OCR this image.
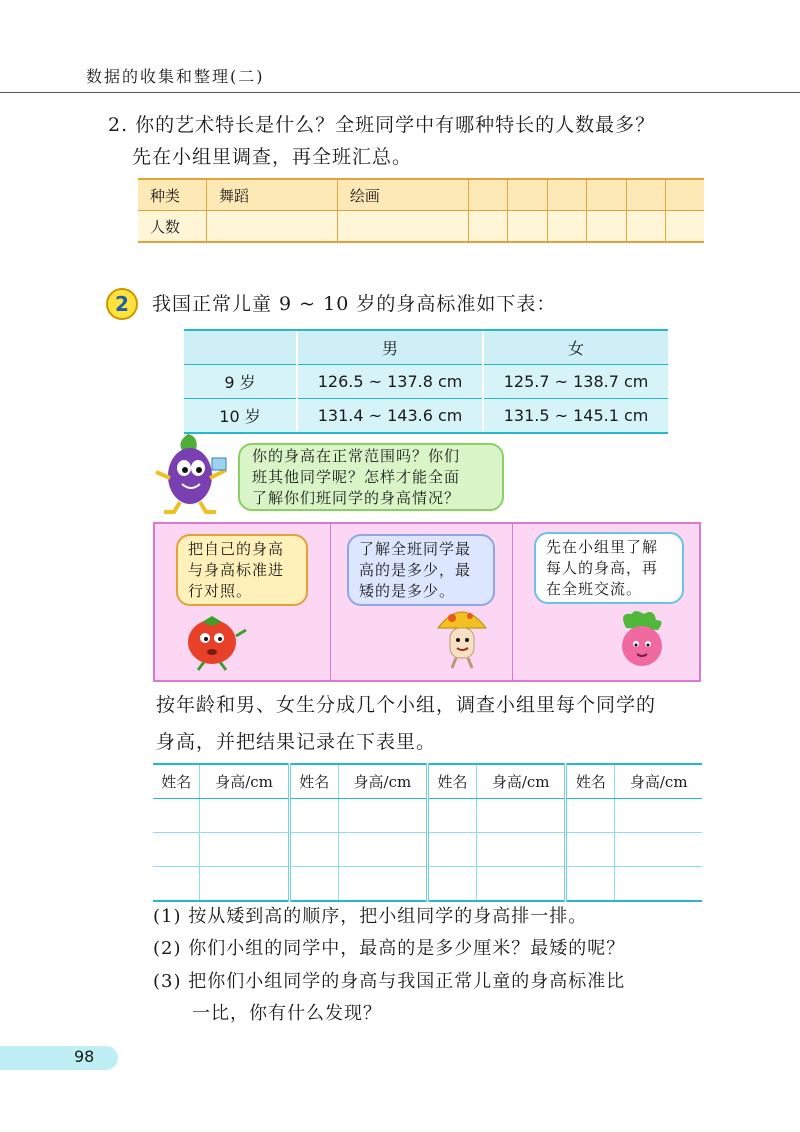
数据的收集和整理(二)
2. 你的艺术特长是什么？全班同学中有哪种特长的人数最多？
先在小组里调查，再全班汇总。
种类	舞蹈	绘画						
人数								
2	我国正常儿童 9 ~ 10 岁的身高标准如下表：
	男	女
9 岁	126.5 ~ 137.8 cm	125.7 ~ 138.7 cm
10 岁	131.4 ~ 143.6 cm	131.5 ~ 145.1 cm
你的身高在正常范围吗？你们
班其他同学呢？怎样才能全面
了解你们班同学的身高情况？
把自己的身高
与身高标准进
行对照。
了解全班同学最
高的是多少，最
矮的是多少。
先在小组里了解
每人的身高，再
在全班交流。
按年龄和男、女生分成几个小组，调查小组里每个同学的
身高，并把结果记录在下表里。
姓名	身高/cm	姓名	身高/cm	姓名	身高/cm	姓名	身高/cm

(1) 按从矮到高的顺序，把小组同学的身高排一排。
(2) 你们小组的同学中，最高的是多少厘米？最矮的呢？
(3) 把你们小组同学的身高与我国正常儿童的身高标准比
一比，你有什么发现？
98
